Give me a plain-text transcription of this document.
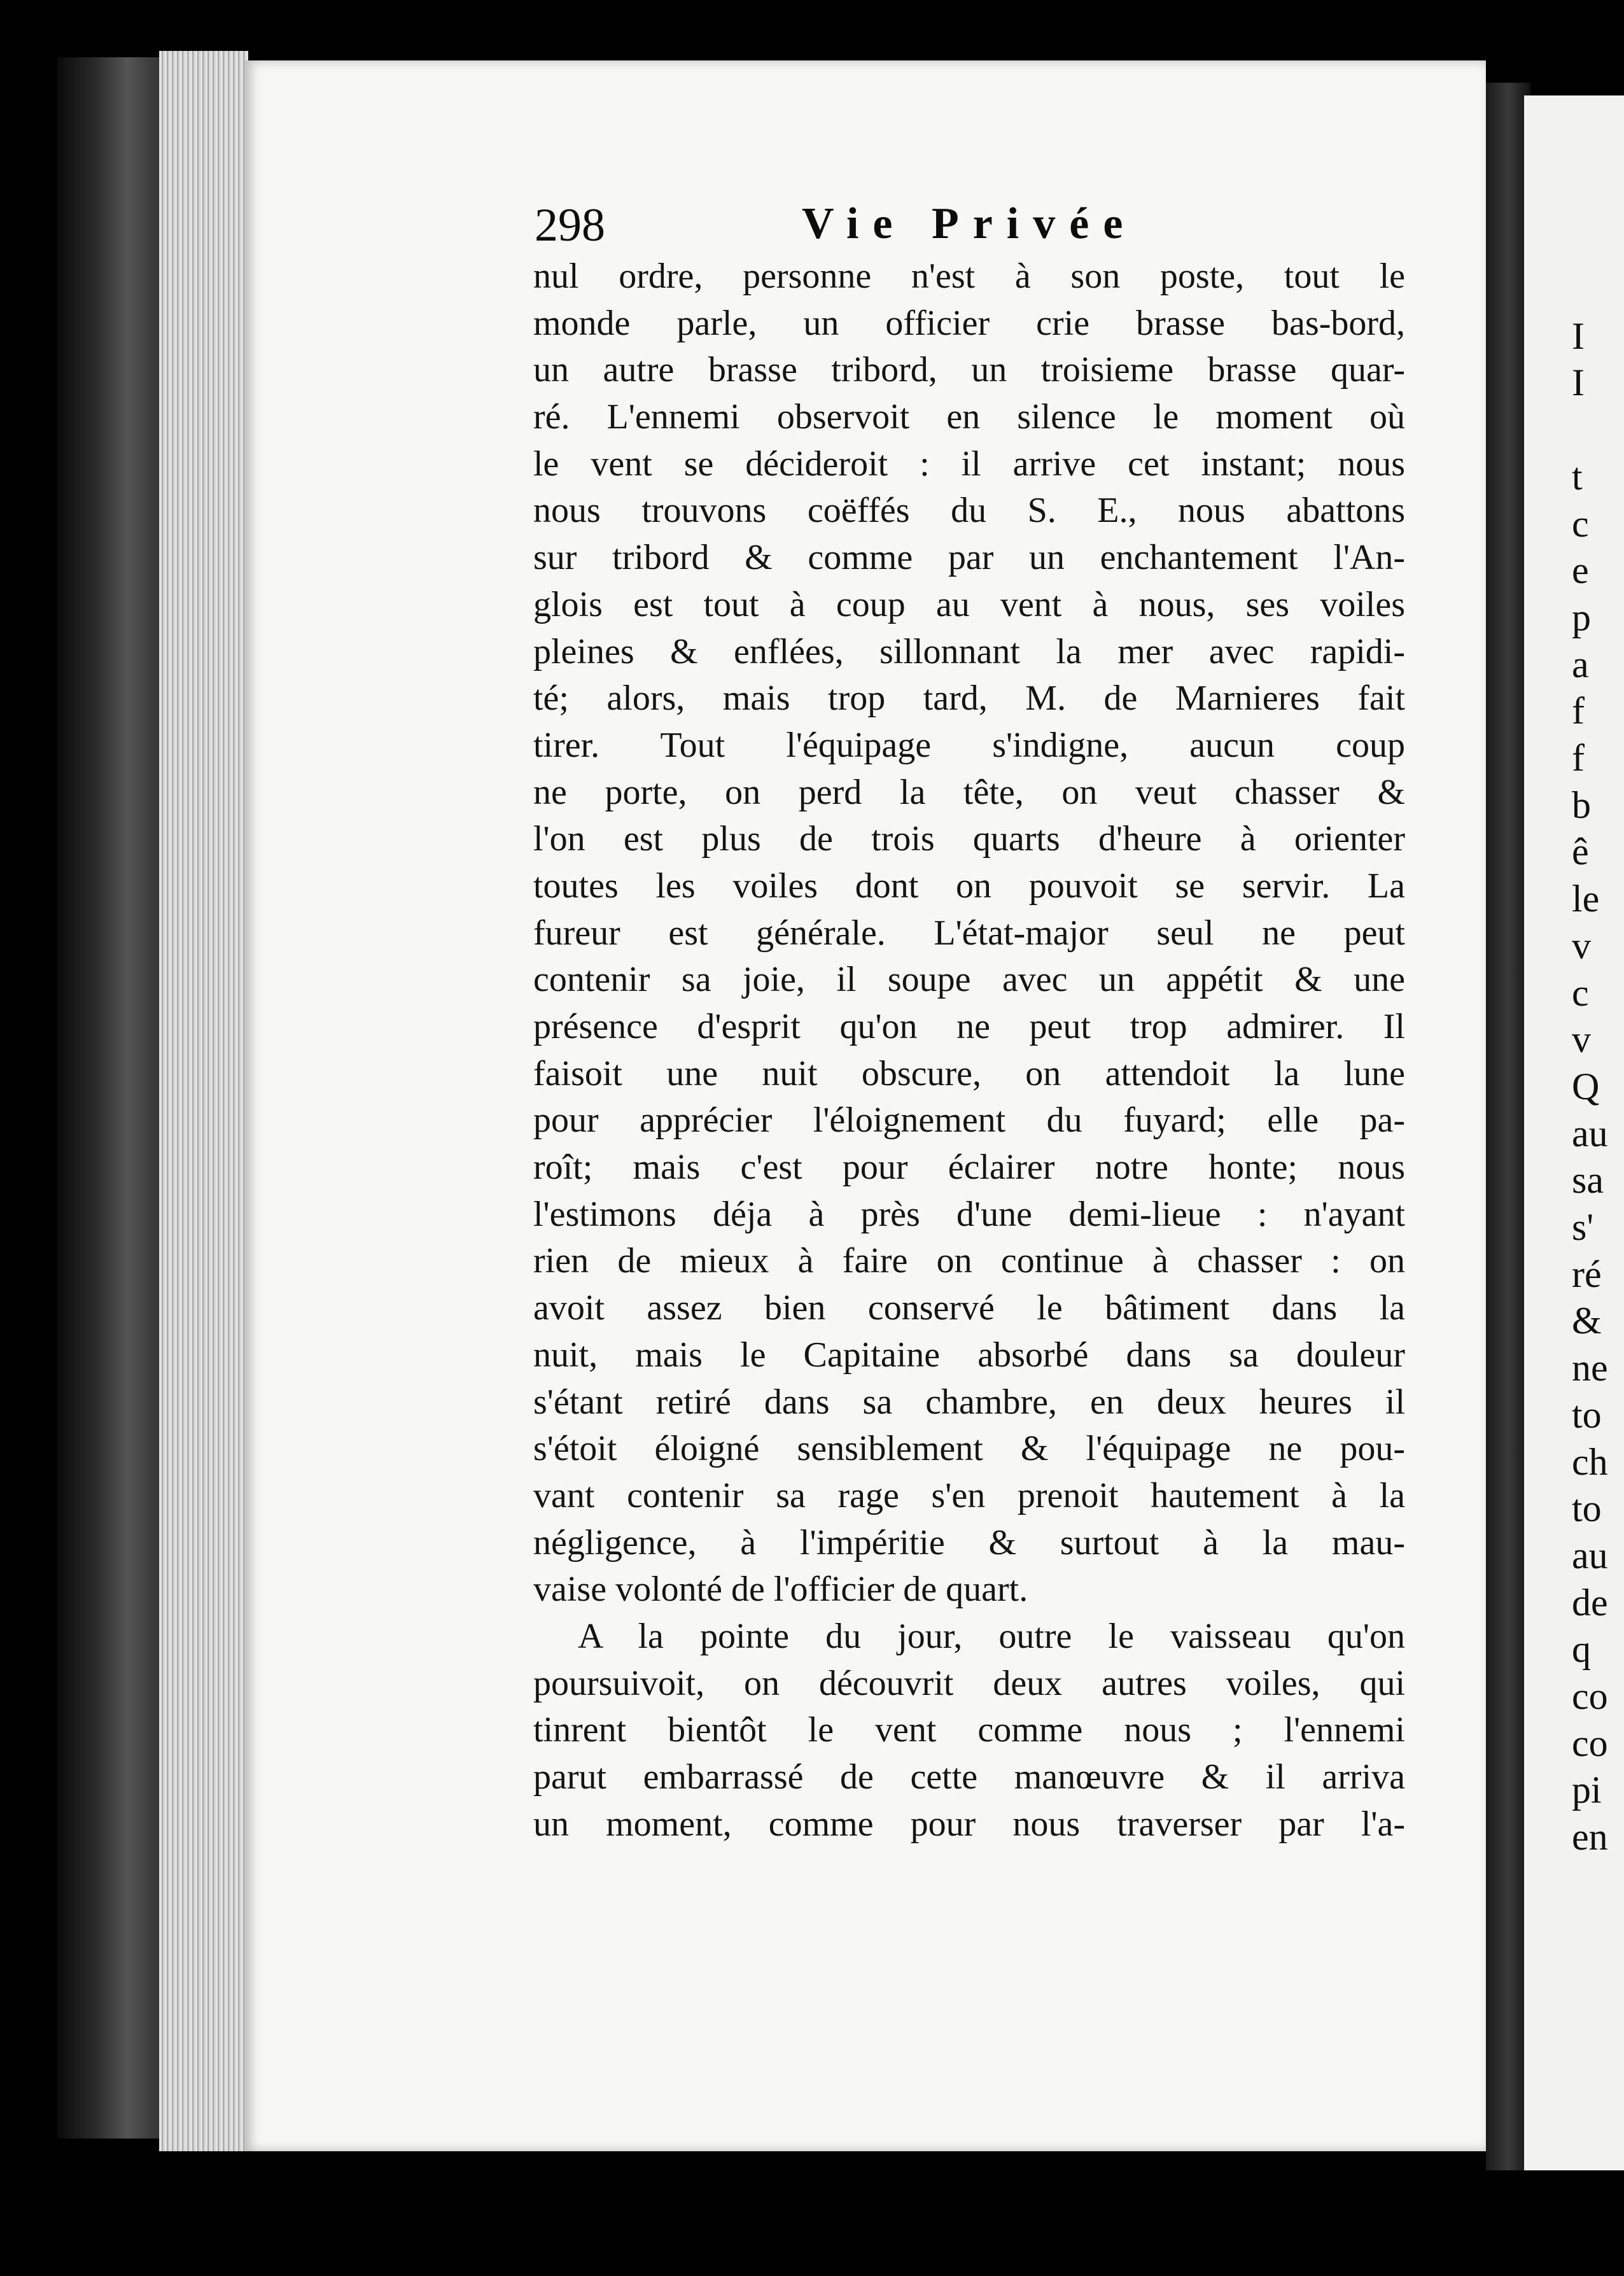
I
I
t
c
e
p
a
f
f
b
ê
le
v
c
v
Q
au
sa
s'
ré
&
ne
to
ch
to
au
de
q
co
co
pi
en
298	Vie Privée
nul ordre, personne n'est à son poste, tout le
monde parle, un officier crie brasse bas-bord,
un autre brasse tribord, un troisieme brasse quar-
ré. L'ennemi observoit en silence le moment où
le vent se décideroit : il arrive cet instant; nous
nous trouvons coëffés du S. E., nous abattons
sur tribord & comme par un enchantement l'An-
glois est tout à coup au vent à nous, ses voiles
pleines & enflées, sillonnant la mer avec rapidi-
té; alors, mais trop tard, M. de Marnieres fait
tirer. Tout l'équipage s'indigne, aucun coup
ne porte, on perd la tête, on veut chasser &
l'on est plus de trois quarts d'heure à orienter
toutes les voiles dont on pouvoit se servir. La
fureur est générale. L'état-major seul ne peut
contenir sa joie, il soupe avec un appétit & une
présence d'esprit qu'on ne peut trop admirer. Il
faisoit une nuit obscure, on attendoit la lune
pour apprécier l'éloignement du fuyard; elle pa-
roît; mais c'est pour éclairer notre honte; nous
l'estimons déja à près d'une demi-lieue : n'ayant
rien de mieux à faire on continue à chasser : on
avoit assez bien conservé le bâtiment dans la
nuit, mais le Capitaine absorbé dans sa douleur
s'étant retiré dans sa chambre, en deux heures il
s'étoit éloigné sensiblement & l'équipage ne pou-
vant contenir sa rage s'en prenoit hautement à la
négligence, à l'impéritie & surtout à la mau-
vaise volonté de l'officier de quart.
A la pointe du jour, outre le vaisseau qu'on
poursuivoit, on découvrit deux autres voiles, qui
tinrent bientôt le vent comme nous ; l'ennemi
parut embarrassé de cette manœuvre & il arriva
un moment, comme pour nous traverser par l'a-
